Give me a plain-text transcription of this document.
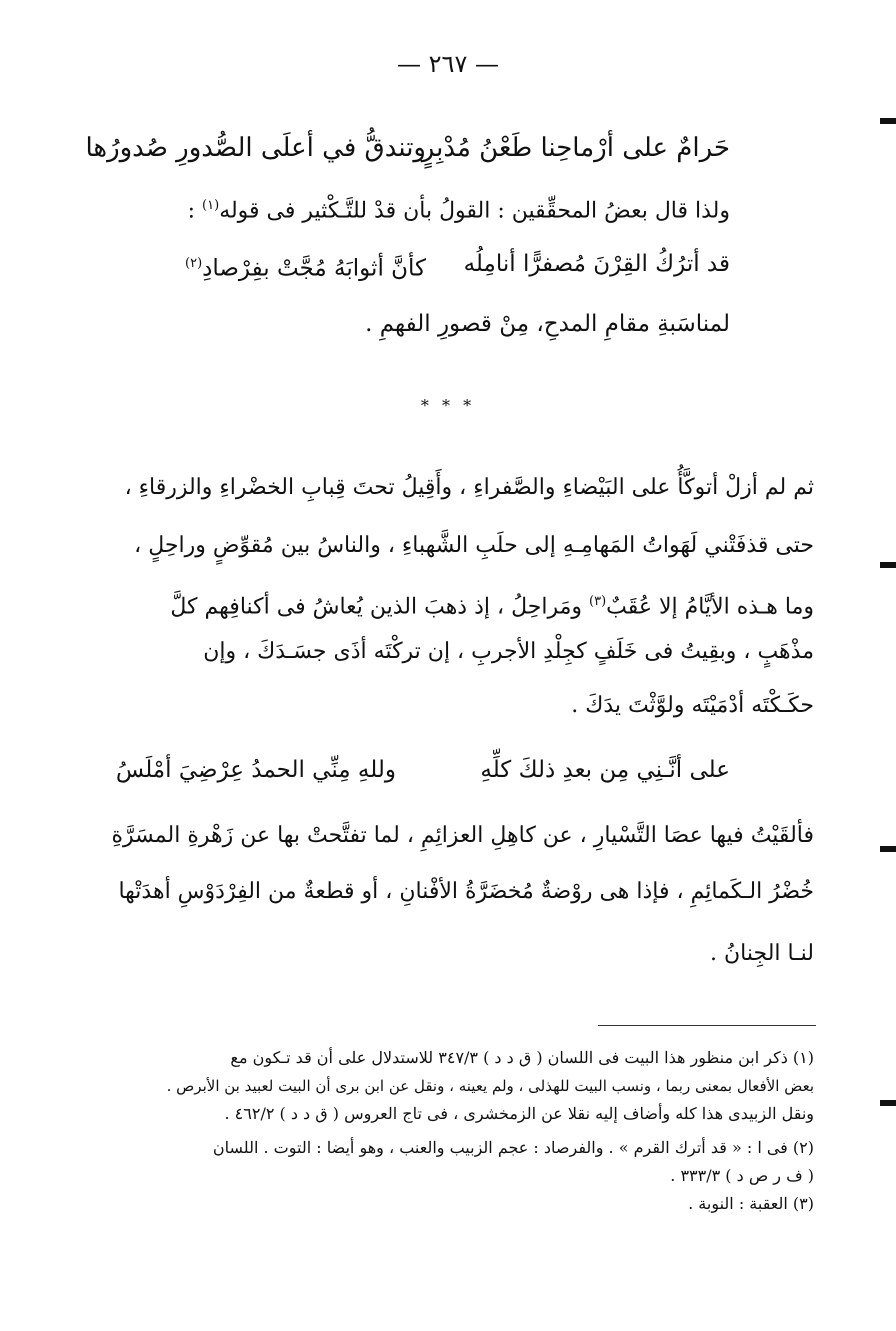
— ٢٦٧ —
حَرامٌ على أرْماحِنا طَعْنُ مُدْبِرٍ
وتندقُّ في أعلَى الصُّدورِ صُدورُها
ولذا قال بعضُ المحقِّقين : القولُ بأن قدْ للتَّـكْثير فى قوله$^{(١)}$ :
قد أترُكُ القِرْنَ مُصفرًّا أنامِلُه
كأنَّ أثوابَهُ مُجَّتْ بفِرْصادِ$^{(٢)}$
لمناسَبةِ مقامِ المدحِ، مِنْ قصورِ الفهمِ .
* * *
ثم لم أزلْ أتوكَّأُ على البَيْضاءِ والصَّفراءِ ، وأَقِيلُ تحتَ قِبابِ الخضْراءِ والزرقاءِ ،
حتى قذفَتْني لَهَواتُ المَهامِـهِ إلى حلَبِ الشَّهباءِ ، والناسُ بين مُقوِّضٍ وراحِلٍ ،
وما هـذه الأيَّامُ إلا عُقَبٌ$^{(٣)}$ ومَراحِلُ ، إذ ذهبَ الذين يُعاشُ فى أكنافِهم كلَّ
مذْهَبٍ ، وبقِيتُ فى خَلَفٍ كجِلْدِ الأجربِ ، إن تركْتَه أذَى جسَـدَكَ ، وإن
حكَـكْتَه أدْمَيْتَه ولوَّثْتَ يدَكَ .
على أنَّـنِي مِن بعدِ ذلكَ كلِّهِ
وللهِ مِنِّي الحمدُ عِرْضِيَ أمْلَسُ
فألقَيْتُ فيها عصَا التَّسْيارِ ، عن كاهِلِ العزائِمِ ، لما تفتَّحتْ بها عن زَهْرةِ المسَرَّةِ
خُضْرُ الـكَمائِمِ ، فإذا هى روْضةٌ مُخضَرَّةُ الأفْنانِ ، أو قطعةٌ من الفِرْدَوْسِ أهدَتْها
لنـا الجِنانُ .
(١) ذكر ابن منظور هذا البيت فى اللسان ( ق د د ) ٣٤٧/٣ للاستدلال على أن قد تـكون مع
بعض الأفعال بمعنى ربما ، ونسب البيت للهذلى ، ولم يعينه ، ونقل عن ابن برى أن البيت لعبيد بن الأبرص .
ونقل الزبيدى هذا كله وأضاف إليه نقلا عن الزمخشرى ، فى تاج العروس ( ق د د ) ٤٦٢/٢ .
(٢) فى ا : « قد أترك القرم » . والفرصاد : عجم الزبيب والعنب ، وهو أيضا : التوت . اللسان
( ف ر ص د ) ٣٣٣/٣ .
(٣) العقبة : النوبة .
